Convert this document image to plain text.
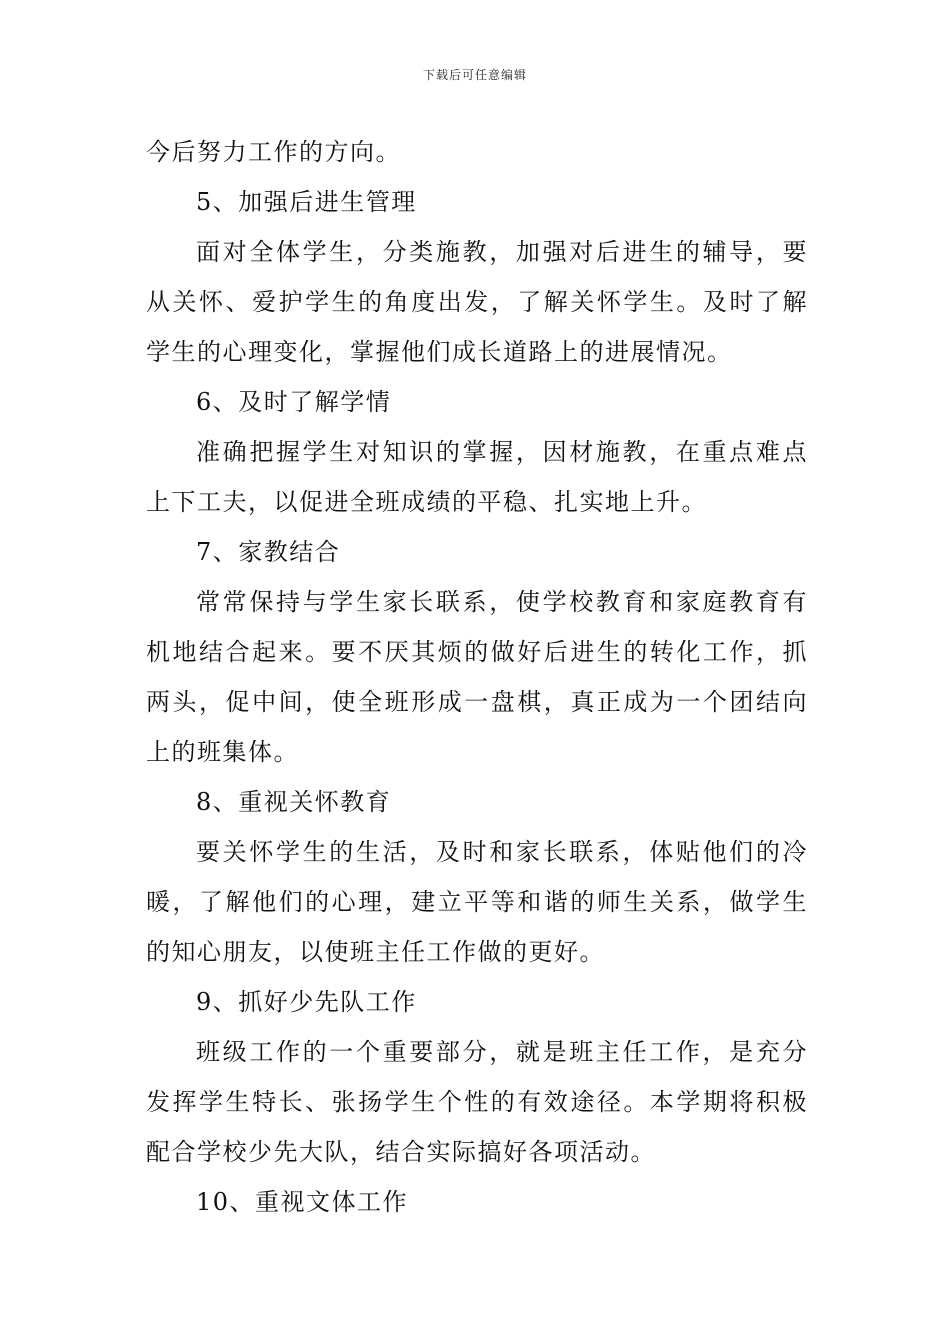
下载后可任意编辑
今后努力工作的方向。
5、加强后进生管理
面对全体学生，分类施教，加强对后进生的辅导，要
从关怀、爱护学生的角度出发，了解关怀学生。及时了解
学生的心理变化，掌握他们成长道路上的进展情况。
6、及时了解学情
准确把握学生对知识的掌握，因材施教，在重点难点
上下工夫，以促进全班成绩的平稳、扎实地上升。
7、家教结合
常常保持与学生家长联系，使学校教育和家庭教育有
机地结合起来。要不厌其烦的做好后进生的转化工作，抓
两头，促中间，使全班形成一盘棋，真正成为一个团结向
上的班集体。
8、重视关怀教育
要关怀学生的生活，及时和家长联系，体贴他们的冷
暖，了解他们的心理，建立平等和谐的师生关系，做学生
的知心朋友，以使班主任工作做的更好。
9、抓好少先队工作
班级工作的一个重要部分，就是班主任工作，是充分
发挥学生特长、张扬学生个性的有效途径。本学期将积极
配合学校少先大队，结合实际搞好各项活动。
10、重视文体工作
